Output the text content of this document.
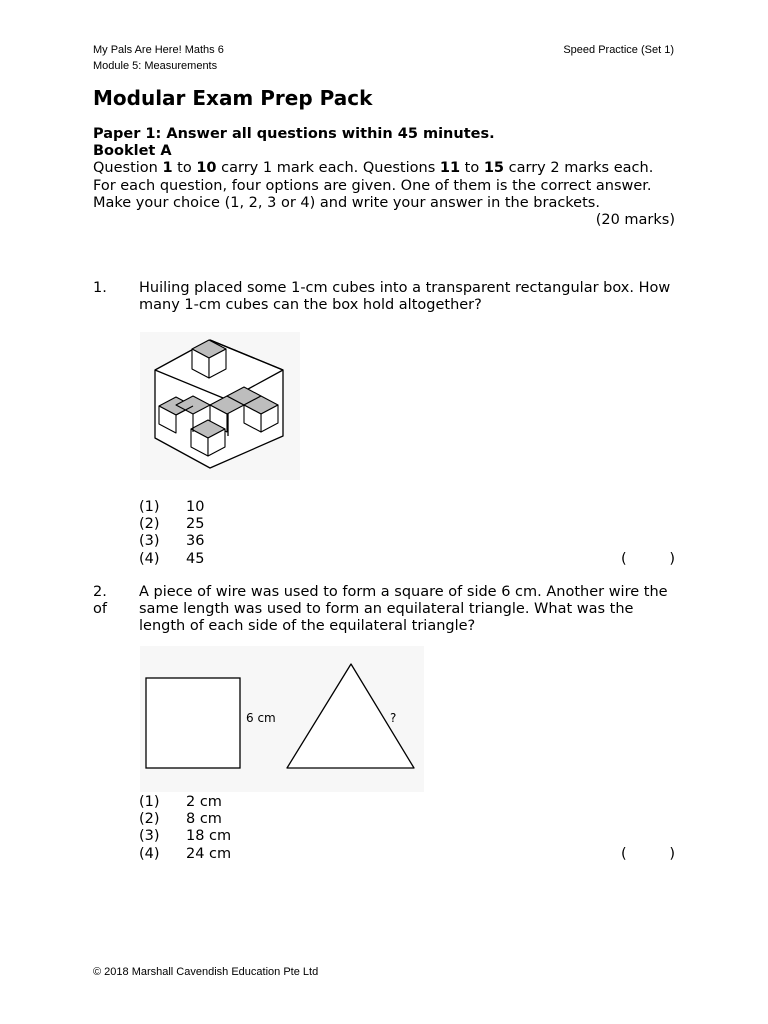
My Pals Are Here! Maths 6
Module 5: Measurements
Speed Practice (Set 1)
Modular Exam Prep Pack

Paper 1: Answer all questions within 45 minutes.

Booklet A

Question 1 to 10 carry 1 mark each. Questions 11 to 15 carry 2 marks each.

For each question, four options are given. One of them is the correct answer.

Make your choice (1, 2, 3 or 4) and write your answer in the brackets.

(20 marks)

1.	Huiling placed some 1-cm cubes into a transparent rectangular box. How many 1-cm cubes can the box hold altogether?
(1) 10
(2) 25
(3) 36
(4) 45	(	)
2.
of
A piece of wire was used to form a square of side 6 cm. Another wire the same length was used to form an equilateral triangle. What was the length of each side of the equilateral triangle?
6 cm	?
(1) 2 cm
(2) 8 cm
(3) 18 cm
(4) 24 cm	(	)
© 2018 Marshall Cavendish Education Pte Ltd
